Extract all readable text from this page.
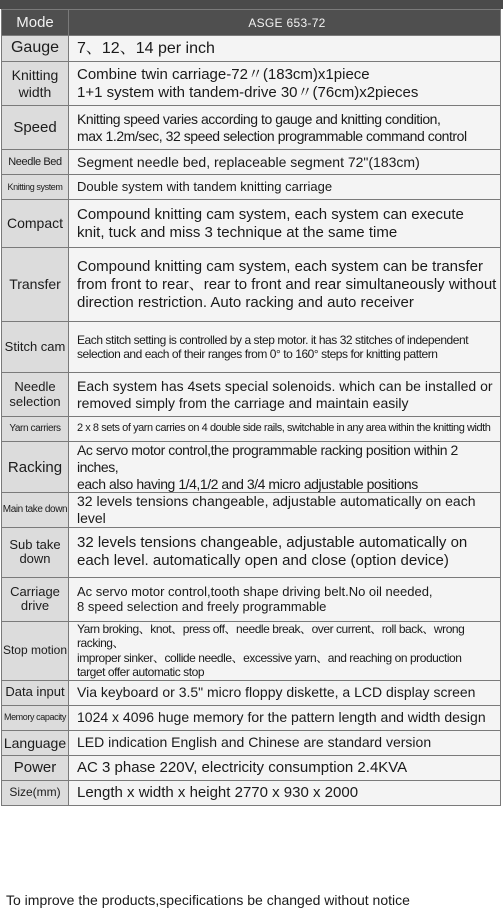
Mode	ASGE 653-72
Gauge	7、12、14 per inch

Knitting width	Combine twin carriage-72〃(183cm)x1piece
1+1 system with tandem-drive 30〃(76cm)x2pieces

Speed	Knitting speed varies according to gauge and knitting condition,
max 1.2m/sec, 32 speed selection programmable command control

Needle Bed	Segment needle bed, replaceable segment 72"(183cm)

Knitting system	Double system with tandem knitting carriage

Compact	Compound knitting cam system, each system can execute
knit, tuck and miss 3 technique at the same time

Transfer	Compound knitting cam system, each system can be transfer
from front to rear、rear to front and rear simultaneously without
direction restriction. Auto racking and auto receiver

Stitch cam	Each stitch setting is controlled by a step motor. it has 32 stitches of independent
selection and each of their ranges from 0° to 160° steps for knitting pattern

Needle selection	Each system has 4sets special solenoids. which can be installed or
removed simply from the carriage and maintain easily

Yarn carriers	2 x 8 sets of yarn carries on 4 double side rails, switchable in any area within the knitting width

Racking	Ac servo motor control,the programmable racking position within 2 inches,
each also having 1/4,1/2 and 3/4 micro adjustable positions

Main take down	32 levels tensions changeable, adjustable automatically on each level

Sub take down	32 levels tensions changeable, adjustable automatically on
each level. automatically open and close (option device)

Carriage drive	Ac servo motor control,tooth shape driving belt.No oil needed,
8 speed selection and freely programmable

Stop motion	Yarn broking、knot、press off、needle break、over current、roll back、wrong racking、
improper sinker、collide needle、excessive yarn、and reaching on production
target offer automatic stop

Data input	Via keyboard or 3.5" micro floppy diskette, a LCD display screen

Memory capacity	1024 x 4096 huge memory for the pattern length and width design

Language	LED indication English and Chinese are standard version

Power	AC 3 phase 220V, electricity consumption 2.4KVA

Size(mm)	Length x width x height 2770 x 930 x 2000
To improve the products,specifications be changed without notice
